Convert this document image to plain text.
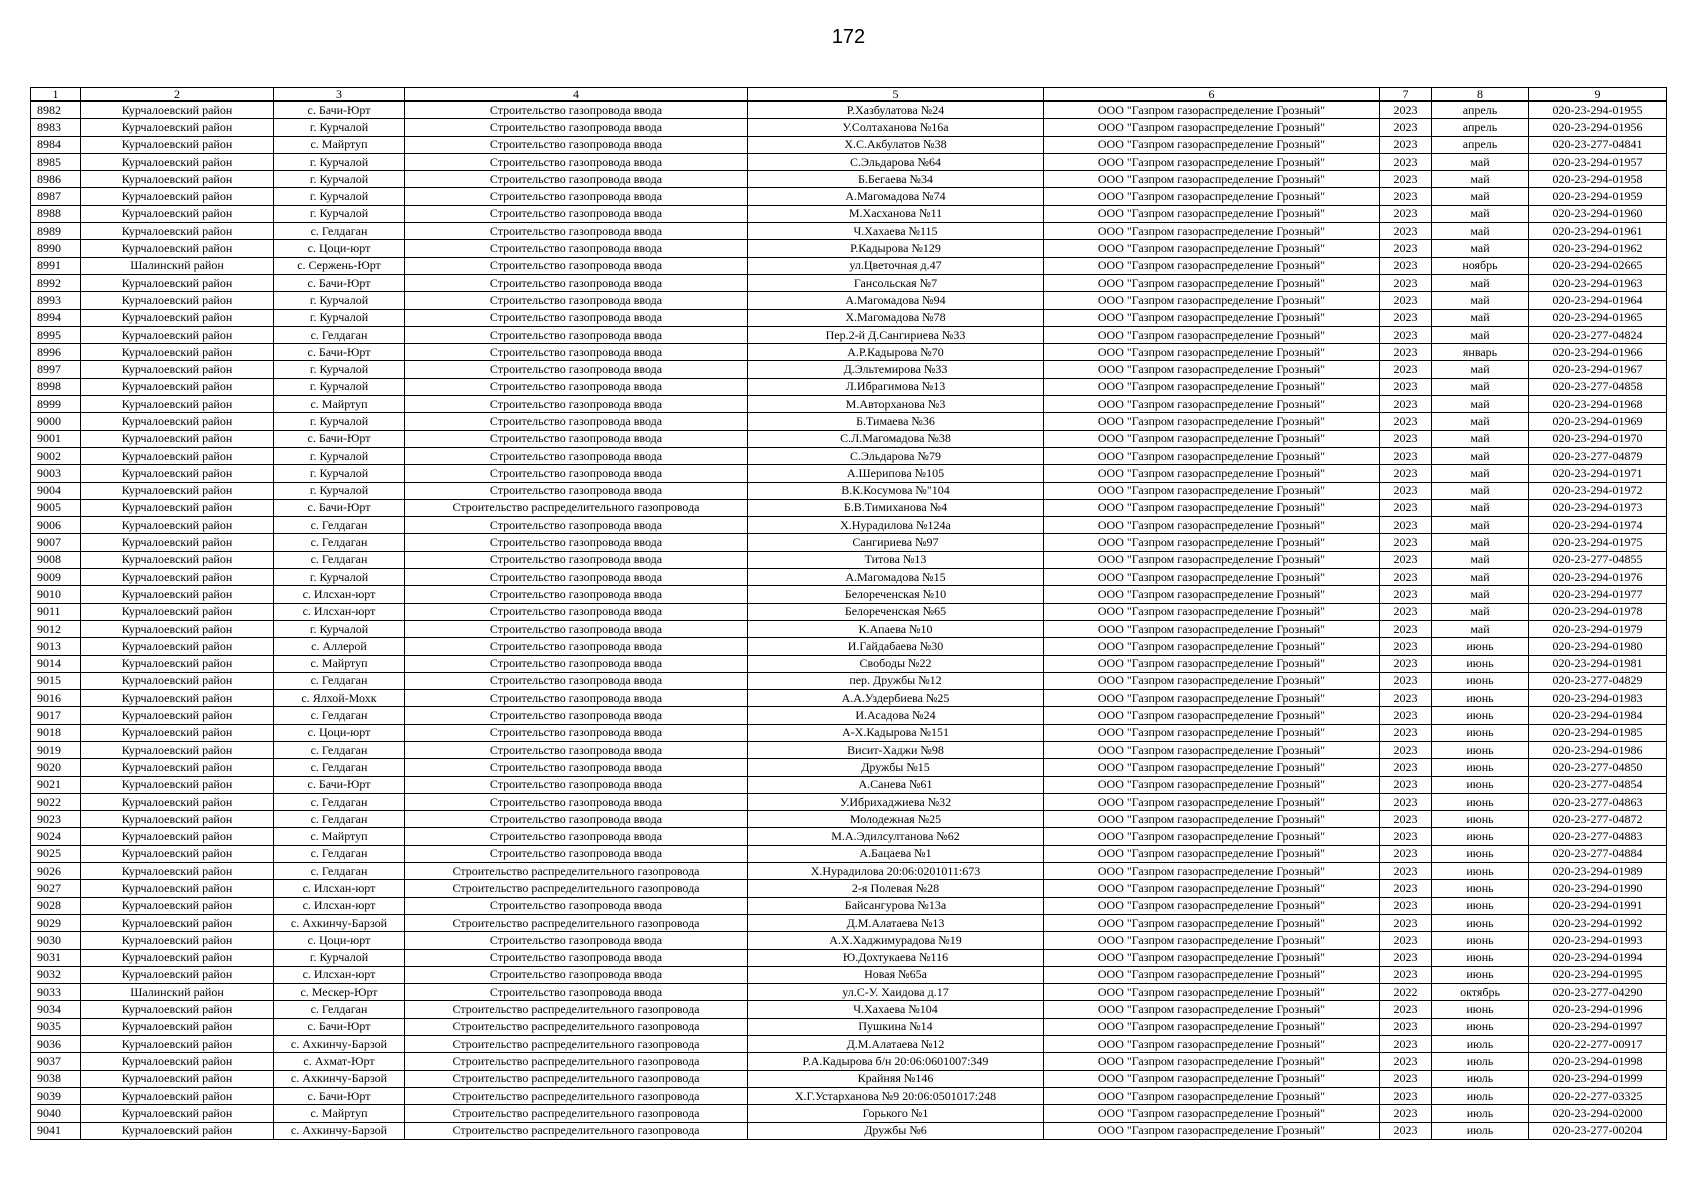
172
1	2	3	4	5	6	7	8	9
8982	Курчалоевский район	с. Бачи-Юрт	Строительство газопровода ввода	Р.Хазбулатова №24	ООО "Газпром газораспределение Грозный"	2023	апрель	020-23-294-01955
8983	Курчалоевский район	г. Курчалой	Строительство газопровода ввода	У.Солтаханова №16а	ООО "Газпром газораспределение Грозный"	2023	апрель	020-23-294-01956
8984	Курчалоевский район	с. Майртуп	Строительство газопровода ввода	Х.С.Акбулатов №38	ООО "Газпром газораспределение Грозный"	2023	апрель	020-23-277-04841
8985	Курчалоевский район	г. Курчалой	Строительство газопровода ввода	С.Эльдарова №64	ООО "Газпром газораспределение Грозный"	2023	май	020-23-294-01957
8986	Курчалоевский район	г. Курчалой	Строительство газопровода ввода	Б.Бегаева №34	ООО "Газпром газораспределение Грозный"	2023	май	020-23-294-01958
8987	Курчалоевский район	г. Курчалой	Строительство газопровода ввода	А.Магомадова №74	ООО "Газпром газораспределение Грозный"	2023	май	020-23-294-01959
8988	Курчалоевский район	г. Курчалой	Строительство газопровода ввода	М.Хасханова №11	ООО "Газпром газораспределение Грозный"	2023	май	020-23-294-01960
8989	Курчалоевский район	с. Гелдаган	Строительство газопровода ввода	Ч.Хахаева №115	ООО "Газпром газораспределение Грозный"	2023	май	020-23-294-01961
8990	Курчалоевский район	с. Цоци-юрт	Строительство газопровода ввода	Р.Кадырова №129	ООО "Газпром газораспределение Грозный"	2023	май	020-23-294-01962
8991	Шалинский район	с. Сержень-Юрт	Строительство газопровода ввода	ул.Цветочная д.47	ООО "Газпром газораспределение Грозный"	2023	ноябрь	020-23-294-02665
8992	Курчалоевский район	с. Бачи-Юрт	Строительство газопровода ввода	Гансольская №7	ООО "Газпром газораспределение Грозный"	2023	май	020-23-294-01963
8993	Курчалоевский район	г. Курчалой	Строительство газопровода ввода	А.Магомадова №94	ООО "Газпром газораспределение Грозный"	2023	май	020-23-294-01964
8994	Курчалоевский район	г. Курчалой	Строительство газопровода ввода	Х.Магомадова №78	ООО "Газпром газораспределение Грозный"	2023	май	020-23-294-01965
8995	Курчалоевский район	с. Гелдаган	Строительство газопровода ввода	Пер.2-й Д.Сангириева №33	ООО "Газпром газораспределение Грозный"	2023	май	020-23-277-04824
8996	Курчалоевский район	с. Бачи-Юрт	Строительство газопровода ввода	А.Р.Кадырова №70	ООО "Газпром газораспределение Грозный"	2023	январь	020-23-294-01966
8997	Курчалоевский район	г. Курчалой	Строительство газопровода ввода	Д.Эльтемирова №33	ООО "Газпром газораспределение Грозный"	2023	май	020-23-294-01967
8998	Курчалоевский район	г. Курчалой	Строительство газопровода ввода	Л.Ибрагимова №13	ООО "Газпром газораспределение Грозный"	2023	май	020-23-277-04858
8999	Курчалоевский район	с. Майртуп	Строительство газопровода ввода	М.Авторханова №3	ООО "Газпром газораспределение Грозный"	2023	май	020-23-294-01968
9000	Курчалоевский район	г. Курчалой	Строительство газопровода ввода	Б.Тимаева №36	ООО "Газпром газораспределение Грозный"	2023	май	020-23-294-01969
9001	Курчалоевский район	с. Бачи-Юрт	Строительство газопровода ввода	С.Л.Магомадова №38	ООО "Газпром газораспределение Грозный"	2023	май	020-23-294-01970
9002	Курчалоевский район	г. Курчалой	Строительство газопровода ввода	С.Эльдарова №79	ООО "Газпром газораспределение Грозный"	2023	май	020-23-277-04879
9003	Курчалоевский район	г. Курчалой	Строительство газопровода ввода	А.Шерипова №105	ООО "Газпром газораспределение Грозный"	2023	май	020-23-294-01971
9004	Курчалоевский район	г. Курчалой	Строительство газопровода ввода	В.К.Косумова №"104	ООО "Газпром газораспределение Грозный"	2023	май	020-23-294-01972
9005	Курчалоевский район	с. Бачи-Юрт	Строительство распределительного газопровода	Б.В.Тимиханова №4	ООО "Газпром газораспределение Грозный"	2023	май	020-23-294-01973
9006	Курчалоевский район	с. Гелдаган	Строительство газопровода ввода	Х.Нурадилова №124а	ООО "Газпром газораспределение Грозный"	2023	май	020-23-294-01974
9007	Курчалоевский район	с. Гелдаган	Строительство газопровода ввода	Сангириева №97	ООО "Газпром газораспределение Грозный"	2023	май	020-23-294-01975
9008	Курчалоевский район	с. Гелдаган	Строительство газопровода ввода	Титова №13	ООО "Газпром газораспределение Грозный"	2023	май	020-23-277-04855
9009	Курчалоевский район	г. Курчалой	Строительство газопровода ввода	А.Магомадова №15	ООО "Газпром газораспределение Грозный"	2023	май	020-23-294-01976
9010	Курчалоевский район	с. Илсхан-юрт	Строительство газопровода ввода	Белореченская №10	ООО "Газпром газораспределение Грозный"	2023	май	020-23-294-01977
9011	Курчалоевский район	с. Илсхан-юрт	Строительство газопровода ввода	Белореченская №65	ООО "Газпром газораспределение Грозный"	2023	май	020-23-294-01978
9012	Курчалоевский район	г. Курчалой	Строительство газопровода ввода	К.Апаева №10	ООО "Газпром газораспределение Грозный"	2023	май	020-23-294-01979
9013	Курчалоевский район	с. Аллерой	Строительство газопровода ввода	И.Гайдабаева №30	ООО "Газпром газораспределение Грозный"	2023	июнь	020-23-294-01980
9014	Курчалоевский район	с. Майртуп	Строительство газопровода ввода	Свободы №22	ООО "Газпром газораспределение Грозный"	2023	июнь	020-23-294-01981
9015	Курчалоевский район	с. Гелдаган	Строительство газопровода ввода	пер. Дружбы №12	ООО "Газпром газораспределение Грозный"	2023	июнь	020-23-277-04829
9016	Курчалоевский район	с. Ялхой-Мохк	Строительство газопровода ввода	А.А.Уздербиева №25	ООО "Газпром газораспределение Грозный"	2023	июнь	020-23-294-01983
9017	Курчалоевский район	с. Гелдаган	Строительство газопровода ввода	И.Асадова №24	ООО "Газпром газораспределение Грозный"	2023	июнь	020-23-294-01984
9018	Курчалоевский район	с. Цоци-юрт	Строительство газопровода ввода	А-Х.Кадырова №151	ООО "Газпром газораспределение Грозный"	2023	июнь	020-23-294-01985
9019	Курчалоевский район	с. Гелдаган	Строительство газопровода ввода	Висит-Хаджи №98	ООО "Газпром газораспределение Грозный"	2023	июнь	020-23-294-01986
9020	Курчалоевский район	с. Гелдаган	Строительство газопровода ввода	Дружбы №15	ООО "Газпром газораспределение Грозный"	2023	июнь	020-23-277-04850
9021	Курчалоевский район	с. Бачи-Юрт	Строительство газопровода ввода	А.Санева №61	ООО "Газпром газораспределение Грозный"	2023	июнь	020-23-277-04854
9022	Курчалоевский район	с. Гелдаган	Строительство газопровода ввода	У.Ибрихаджиева №32	ООО "Газпром газораспределение Грозный"	2023	июнь	020-23-277-04863
9023	Курчалоевский район	с. Гелдаган	Строительство газопровода ввода	Молодежная №25	ООО "Газпром газораспределение Грозный"	2023	июнь	020-23-277-04872
9024	Курчалоевский район	с. Майртуп	Строительство газопровода ввода	М.А.Эдилсултанова №62	ООО "Газпром газораспределение Грозный"	2023	июнь	020-23-277-04883
9025	Курчалоевский район	с. Гелдаган	Строительство газопровода ввода	А.Бацаева №1	ООО "Газпром газораспределение Грозный"	2023	июнь	020-23-277-04884
9026	Курчалоевский район	с. Гелдаган	Строительство распределительного газопровода	Х.Нурадилова 20:06:0201011:673	ООО "Газпром газораспределение Грозный"	2023	июнь	020-23-294-01989
9027	Курчалоевский район	с. Илсхан-юрт	Строительство распределительного газопровода	2-я Полевая №28	ООО "Газпром газораспределение Грозный"	2023	июнь	020-23-294-01990
9028	Курчалоевский район	с. Илсхан-юрт	Строительство газопровода ввода	Байсангурова №13а	ООО "Газпром газораспределение Грозный"	2023	июнь	020-23-294-01991
9029	Курчалоевский район	с. Ахкинчу-Барзой	Строительство распределительного газопровода	Д.М.Алатаева №13	ООО "Газпром газораспределение Грозный"	2023	июнь	020-23-294-01992
9030	Курчалоевский район	с. Цоци-юрт	Строительство газопровода ввода	А.Х.Хаджимурадова №19	ООО "Газпром газораспределение Грозный"	2023	июнь	020-23-294-01993
9031	Курчалоевский район	г. Курчалой	Строительство газопровода ввода	Ю.Дохтукаева №116	ООО "Газпром газораспределение Грозный"	2023	июнь	020-23-294-01994
9032	Курчалоевский район	с. Илсхан-юрт	Строительство газопровода ввода	Новая №65а	ООО "Газпром газораспределение Грозный"	2023	июнь	020-23-294-01995
9033	Шалинский район	с. Мескер-Юрт	Строительство газопровода ввода	ул.С-У. Хаидова д.17	ООО "Газпром газораспределение Грозный"	2022	октябрь	020-23-277-04290
9034	Курчалоевский район	с. Гелдаган	Строительство распределительного газопровода	Ч.Хахаева №104	ООО "Газпром газораспределение Грозный"	2023	июнь	020-23-294-01996
9035	Курчалоевский район	с. Бачи-Юрт	Строительство распределительного газопровода	Пушкина №14	ООО "Газпром газораспределение Грозный"	2023	июнь	020-23-294-01997
9036	Курчалоевский район	с. Ахкинчу-Барзой	Строительство распределительного газопровода	Д.М.Алатаева №12	ООО "Газпром газораспределение Грозный"	2023	июль	020-22-277-00917
9037	Курчалоевский район	с. Ахмат-Юрт	Строительство распределительного газопровода	Р.А.Кадырова б/н 20:06:0601007:349	ООО "Газпром газораспределение Грозный"	2023	июль	020-23-294-01998
9038	Курчалоевский район	с. Ахкинчу-Барзой	Строительство распределительного газопровода	Крайняя №146	ООО "Газпром газораспределение Грозный"	2023	июль	020-23-294-01999
9039	Курчалоевский район	с. Бачи-Юрт	Строительство распределительного газопровода	Х.Г.Устарханова №9 20:06:0501017:248	ООО "Газпром газораспределение Грозный"	2023	июль	020-22-277-03325
9040	Курчалоевский район	с. Майртуп	Строительство распределительного газопровода	Горького №1	ООО "Газпром газораспределение Грозный"	2023	июль	020-23-294-02000
9041	Курчалоевский район	с. Ахкинчу-Барзой	Строительство распределительного газопровода	Дружбы №6	ООО "Газпром газораспределение Грозный"	2023	июль	020-23-277-00204
